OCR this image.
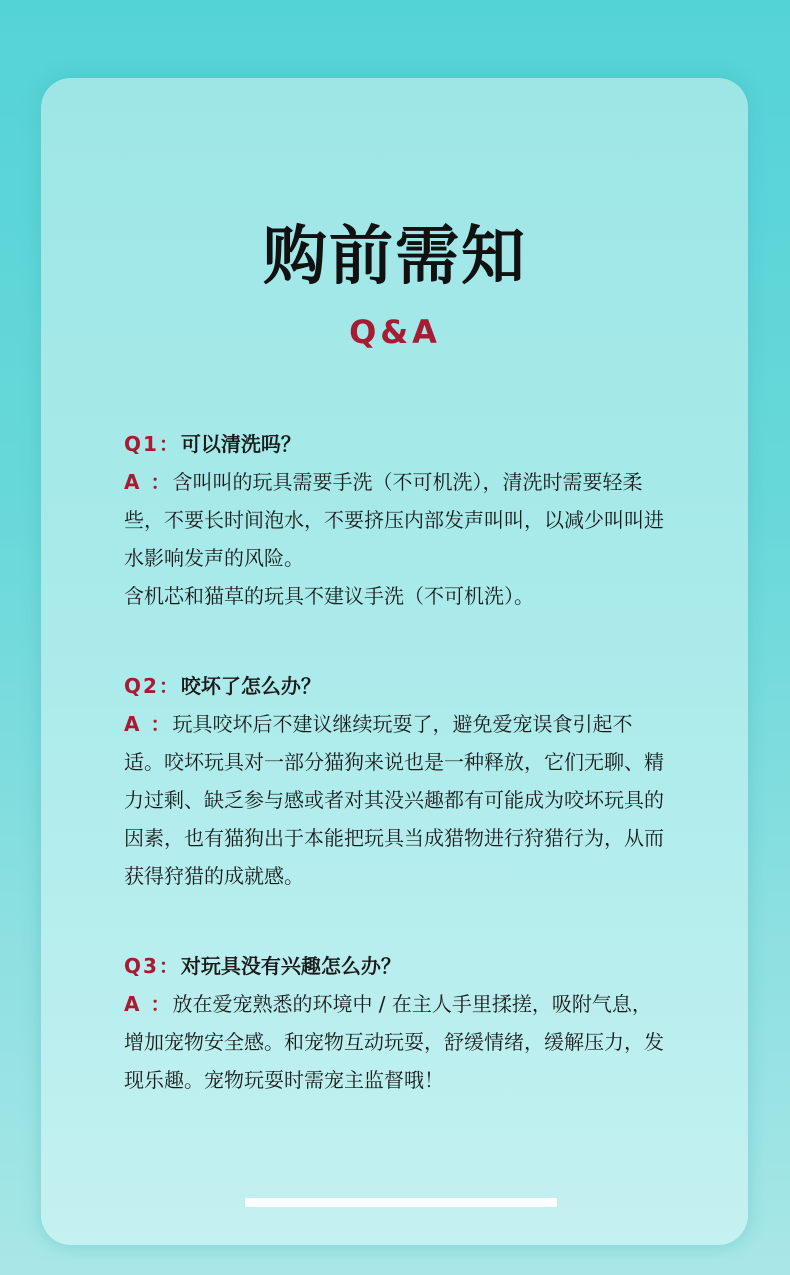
购前需知
Q&A

Q1：可以清洗吗？

A ：含叫叫的玩具需要手洗（不可机洗），清洗时需要轻柔些，不要长时间泡水，不要挤压内部发声叫叫，以减少叫叫进水影响发声的风险。

含机芯和猫草的玩具不建议手洗（不可机洗）。

Q2：咬坏了怎么办？

A ：玩具咬坏后不建议继续玩耍了，避免爱宠误食引起不适。咬坏玩具对一部分猫狗来说也是一种释放，它们无聊、精力过剩、缺乏参与感或者对其没兴趣都有可能成为咬坏玩具的因素，也有猫狗出于本能把玩具当成猎物进行狩猎行为，从而获得狩猎的成就感。

Q3：对玩具没有兴趣怎么办？

A ：放在爱宠熟悉的环境中 / 在主人手里揉搓，吸附气息，增加宠物安全感。和宠物互动玩耍，舒缓情绪，缓解压力，发现乐趣。宠物玩耍时需宠主监督哦！
